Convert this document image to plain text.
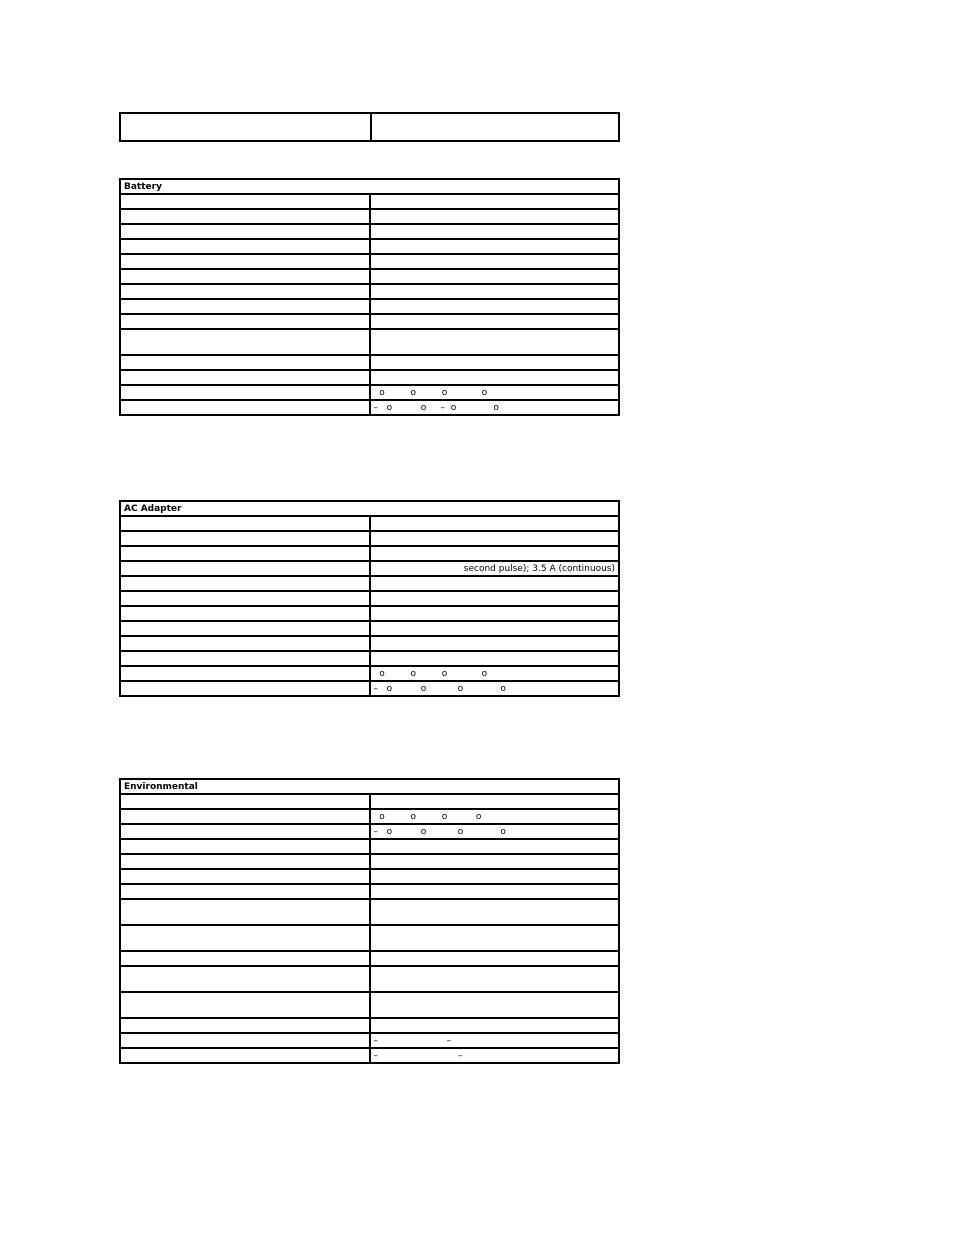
Battery	

	o         o         o            o
	–   o          o     –  o             o
AC Adapter	

	second pulse); 3.5 A (continuous)

	o         o         o            o
	–   o          o           o             o
Environmental	

	o         o         o          o
	–   o          o           o             o

	–                        –
	–                            –
